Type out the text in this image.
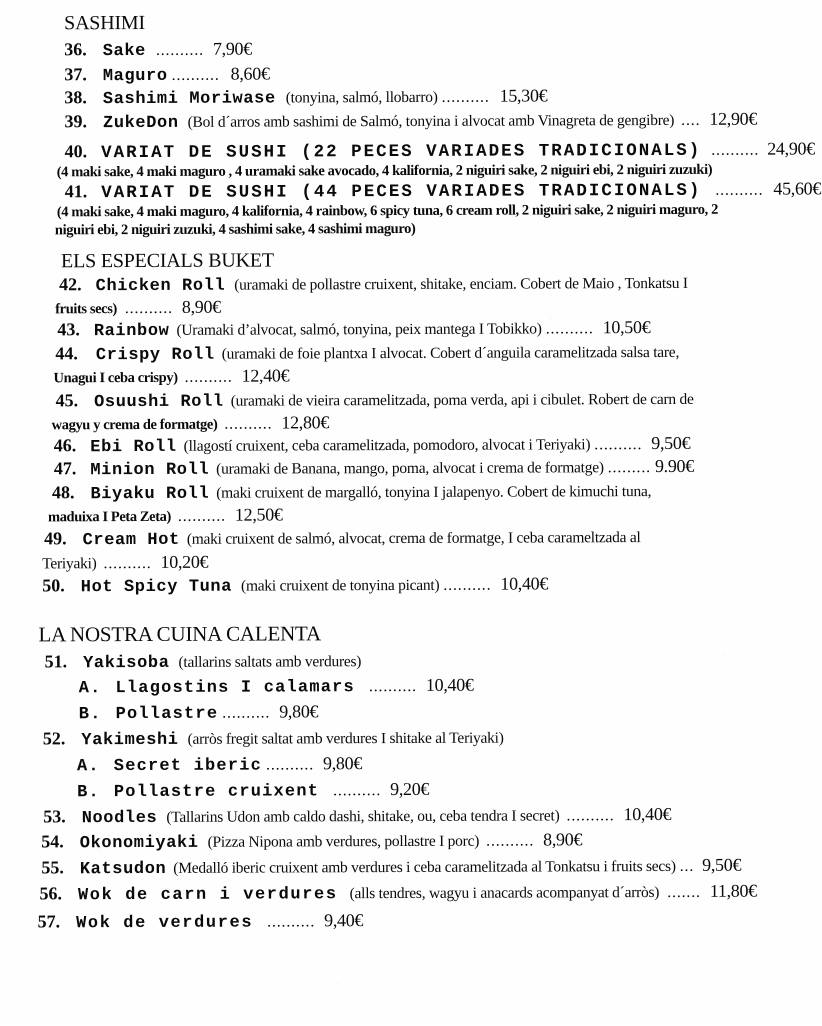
SASHIMI
36. Sake .......... 7,90€
37. Maguro .......... 8,60€
38. Sashimi Moriwase (tonyina, salmó, llobarro) .......... 15,30€
39. ZukeDon (Bol d´arros amb sashimi de Salmó, tonyina i alvocat amb Vinagreta de gengibre) .... 12,90€
40. VARIAT DE SUSHI (22 PECES VARIADES TRADICIONALS) .......... 24,90€
(4 maki sake, 4 maki maguro , 4 uramaki sake avocado, 4 kalifornia, 2 niguiri sake, 2 niguiri ebi, 2 niguiri zuzuki)
41. VARIAT DE SUSHI (44 PECES VARIADES TRADICIONALS) .......... 45,60€
(4 maki sake, 4 maki maguro, 4 kalifornia, 4 rainbow, 6 spicy tuna, 6 cream roll, 2 niguiri sake, 2 niguiri maguro, 2
niguiri ebi, 2 niguiri zuzuki, 4 sashimi sake, 4 sashimi maguro)
ELS ESPECIALS BUKET
42. Chicken Roll (uramaki de pollastre cruixent, shitake, enciam. Cobert de Maio , Tonkatsu I
fruits secs) .......... 8,90€
43. Rainbow (Uramaki d’alvocat, salmó, tonyina, peix mantega I Tobikko) .......... 10,50€
44. Crispy Roll (uramaki de foie plantxa I alvocat. Cobert d´anguila caramelitzada salsa tare,
Unagui I ceba crispy) .......... 12,40€
45. Osuushi Roll (uramaki de vieira caramelitzada, poma verda, api i cibulet. Robert de carn de
wagyu y crema de formatge) .......... 12,80€
46. Ebi Roll (llagostí cruixent, ceba caramelitzada, pomodoro, alvocat i Teriyaki) .......... 9,50€
47. Minion Roll (uramaki de Banana, mango, poma, alvocat i crema de formatge) ......... 9.90€
48. Biyaku Roll (maki cruixent de margalló, tonyina I jalapenyo. Cobert de kimuchi tuna,
maduixa I Peta Zeta) .......... 12,50€
49. Cream Hot (maki cruixent de salmó, alvocat, crema de formatge, I ceba carameltzada al
Teriyaki) .......... 10,20€
50. Hot Spicy Tuna (maki cruixent de tonyina picant) .......... 10,40€
LA NOSTRA CUINA CALENTA
51. Yakisoba (tallarins saltats amb verdures)
A. Llagostins I calamars .......... 10,40€
B. Pollastre .......... 9,80€
52. Yakimeshi (arròs fregit saltat amb verdures I shitake al Teriyaki)
A. Secret iberic .......... 9,80€
B. Pollastre cruixent .......... 9,20€
53. Noodles (Tallarins Udon amb caldo dashi, shitake, ou, ceba tendra I secret) .......... 10,40€
54. Okonomiyaki (Pizza Nipona amb verdures, pollastre I porc) .......... 8,90€
55. Katsudon (Medalló iberic cruixent amb verdures i ceba caramelitzada al Tonkatsu i fruits secs) ... 9,50€
56. Wok de carn i verdures (alls tendres, wagyu i anacards acompanyat d´arròs) ....... 11,80€
57. Wok de verdures .......... 9,40€
